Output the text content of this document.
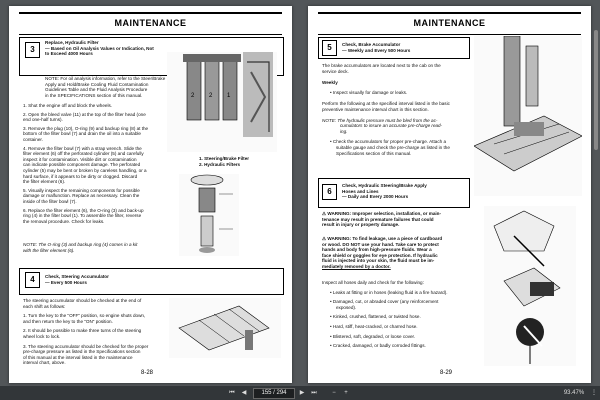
MAINTENANCE
3
Replace, Hydraulic Filter
— Based on Oil Analysis Values or Indication, Not
to Exceed 4000 Hours
2 2 1
NOTE: For oil analysis information, refer to the Steer/Brake
Apply and Hold/Brake Cooling Fluid Contamination
Guidelines Table and the Fluid Analysis Procedure
in the SPECIFICATIONS section of this manual.
1. Shut the engine off and block the wheels.
2. Open the bleed valve (11) at the top of the filter head (one
end one-half turns).
3. Remove the plug (10), O-ring (9) and backup ring (8) at the
bottom of the filter bowl (7) and drain the oil into a suitable
container.
4. Remove the filter bowl (7) with a strap wrench. Slide the
filter element (6) off the perforated cylinder (5) and carefully
inspect it for contamination. Visible dirt or contamination
can indicate possible component damage. The perforated
cylinder (5) may be bent or broken by careless handling, or a
hard surface, if it appears to be dirty or clogged. Discard
the filter element (6).
5. Visually inspect the remaining components for possible
damage or malfunction. Replace as necessary. Clean the
inside of the filter bowl (7).
6. Replace the filter element (6), the O-ring (3) and back-up
ring (4) in the filter bowl (1). To assemble the filter, reverse
the removal procedure. Check for leaks.
NOTE: The O-ring (3) and backup ring (4) comes in a kit
with the filter element (6).
1. Steering/Brake Filter
2. Hydraulic Filters
4	Check, Steering Accumulator
— Every 500 Hours
The steering accumulator should be checked at the end of
each shift as follows:
1. Turn the key to the "OFF" position, so engine shuts down,
and then return the key to the "ON" position.
2. It should be possible to make three turns of the steering
wheel lock to lock.
3. The steering accumulator should be checked for the proper
pre-charge pressure as listed in the Specifications section
of this manual at the interval listed in the maintenance
interval chart, above.
8-28
MAINTENANCE
5	Check, Brake Accumulator
— Weekly and Every 500 Hours
The brake accumulators are located next to the cab on the
service deck.
Weekly
• Inspect visually for damage or leaks.
Perform the following at the specified interval listed in the basic
preventive maintenance interval chart in this section.
NOTE: The hydraulic pressure must be bled from the ac-
cumulators to insure an accurate pre-charge read-
ing.
• Check the accumulators for proper pre-charge. Attach a
suitable gauge and check the pre-charge as listed in the
Specifications section of this manual.
6
Check, Hydraulic Steering/Brake Apply
Hoses and Lines
— Daily and Every 2000 Hours
⚠ WARNING: Improper selection, installation, or main-
tenance may result in premature failures that could
result in injury or property damage.
⚠ WARNING: To find leakage, use a piece of cardboard
or wood. DO NOT use your hand. Take care to protect
hands and body from high-pressure fluids. Wear a
face shield or goggles for eye protection. If hydraulic
fluid is injected into your skin, the fluid must be im-
mediately removed by a doctor.
Inspect all hoses daily and check for the following:
• Leaks at fitting or in hoses (leaking fluid is a fire hazard).
• Damaged, cut, or abraded cover (any reinforcement
exposed).
• Kinked, crushed, flattened, or twisted hose.
• Hard, stiff, heat-cracked, or charred hose.
• Blistered, soft, degraded, or loose cover.
• Cracked, damaged, or badly corroded fittings.
8-29
⏮ ◀	155 / 294	▶ ⏭	−	+	93.47%	⋮
